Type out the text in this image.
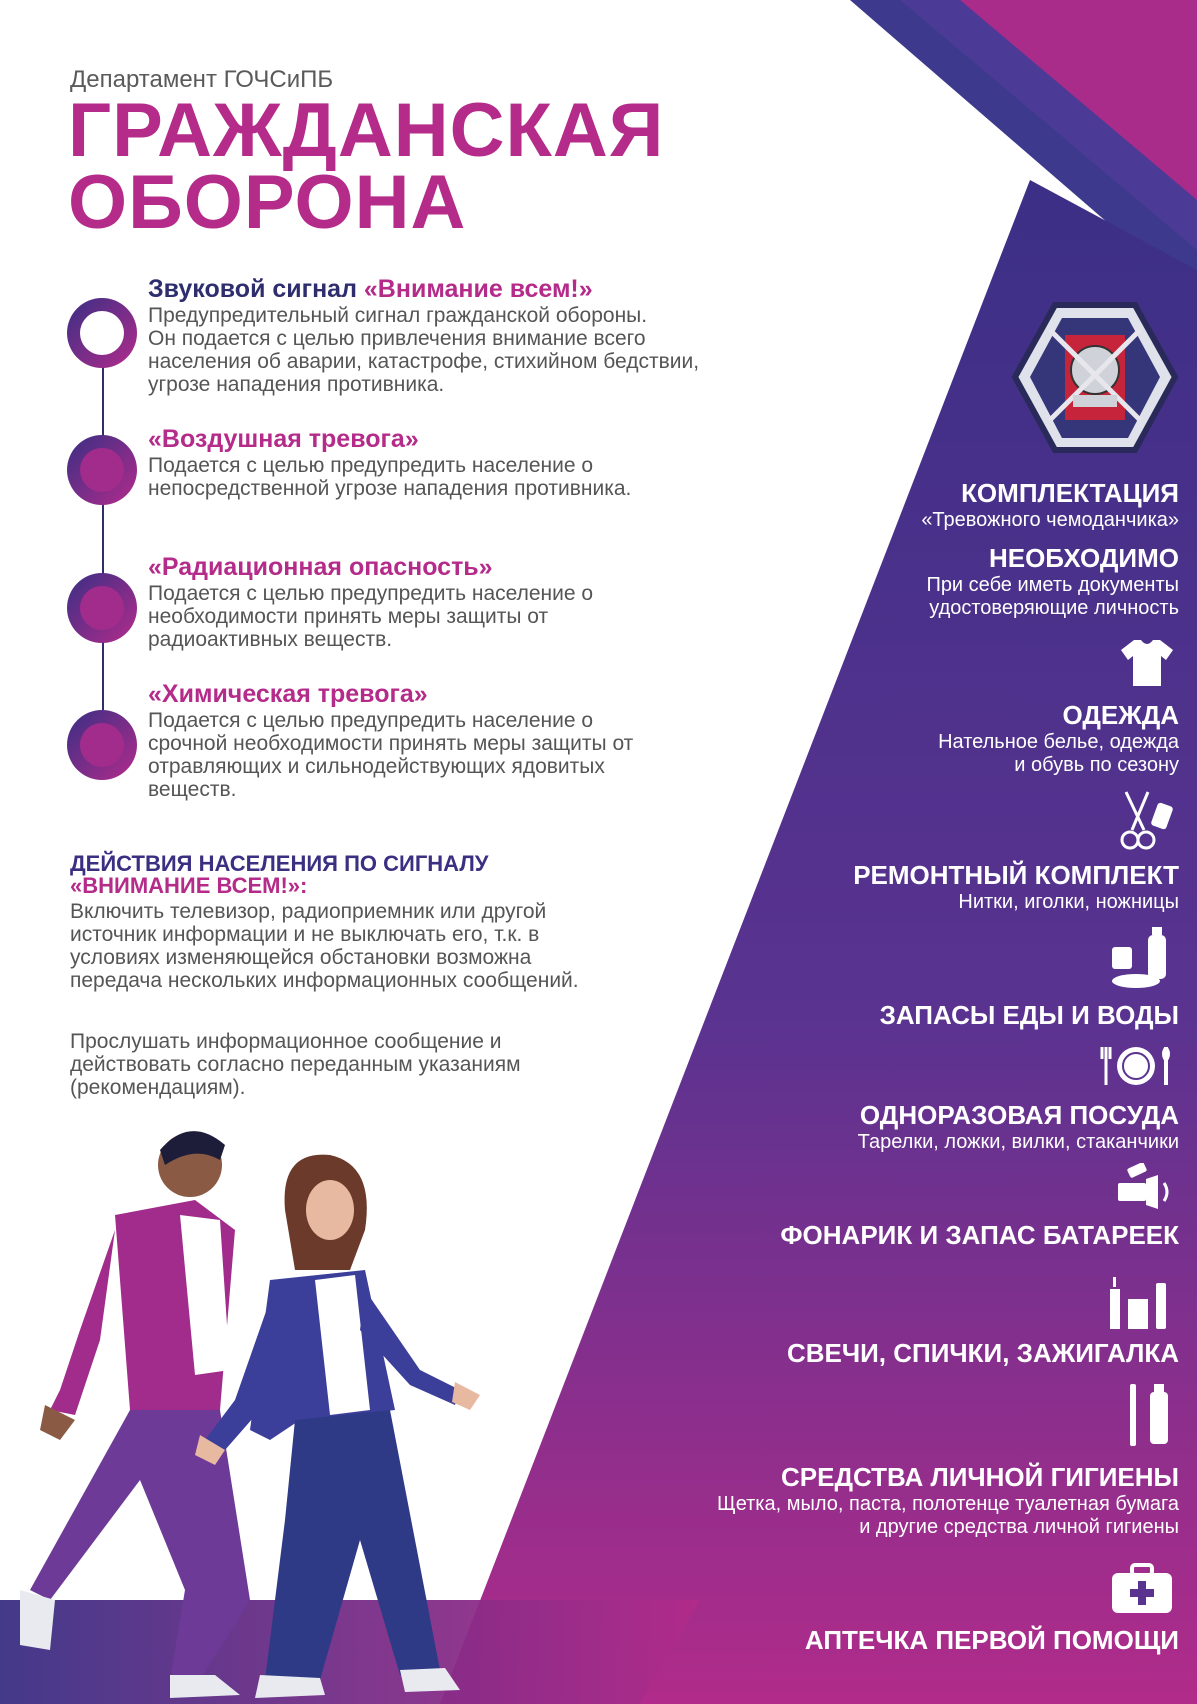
Департамент ГОЧСиПБ
ГРАЖДАНСКАЯ
ОБОРОНА
Звуковой сигнал «Внимание всем!»
Предупредительный сигнал гражданской обороны.
Он подается с целью привлечения внимание всего
населения об аварии, катастрофе, стихийном бедствии,
угрозе нападения противника.
«Воздушная тревога»
Подается с целью предупредить население о
непосредственной угрозе нападения противника.
«Радиационная опасность»
Подается с целью предупредить население о
необходимости принять меры защиты от
радиоактивных веществ.
«Химическая тревога»
Подается с целью предупредить население о
срочной необходимости принять меры защиты от
отравляющих и сильнодействующих ядовитых
веществ.
ДЕЙСТВИЯ НАСЕЛЕНИЯ ПО СИГНАЛУ
«ВНИМАНИЕ ВСЕМ!»:
Включить телевизор, радиоприемник или другой
источник информации и не выключать его, т.к. в
условиях изменяющейся обстановки возможна
передача нескольких информационных сообщений.
Прослушать информационное сообщение и
действовать согласно переданным указаниям
(рекомендациям).
КОМПЛЕКТАЦИЯ
«Тревожного чемоданчика»
НЕОБХОДИМО
При себе иметь документы
удостоверяющие личность
ОДЕЖДА
Нательное белье, одежда
и обувь по сезону
РЕМОНТНЫЙ КОМПЛЕКТ
Нитки, иголки, ножницы
ЗАПАСЫ ЕДЫ И ВОДЫ
ОДНОРАЗОВАЯ ПОСУДА
Тарелки, ложки, вилки, стаканчики
ФОНАРИК И ЗАПАС БАТАРЕЕК
СВЕЧИ, СПИЧКИ, ЗАЖИГАЛКА
СРЕДСТВА ЛИЧНОЙ ГИГИЕНЫ
Щетка, мыло, паста, полотенце туалетная бумага
и другие средства личной гигиены
АПТЕЧКА ПЕРВОЙ ПОМОЩИ
